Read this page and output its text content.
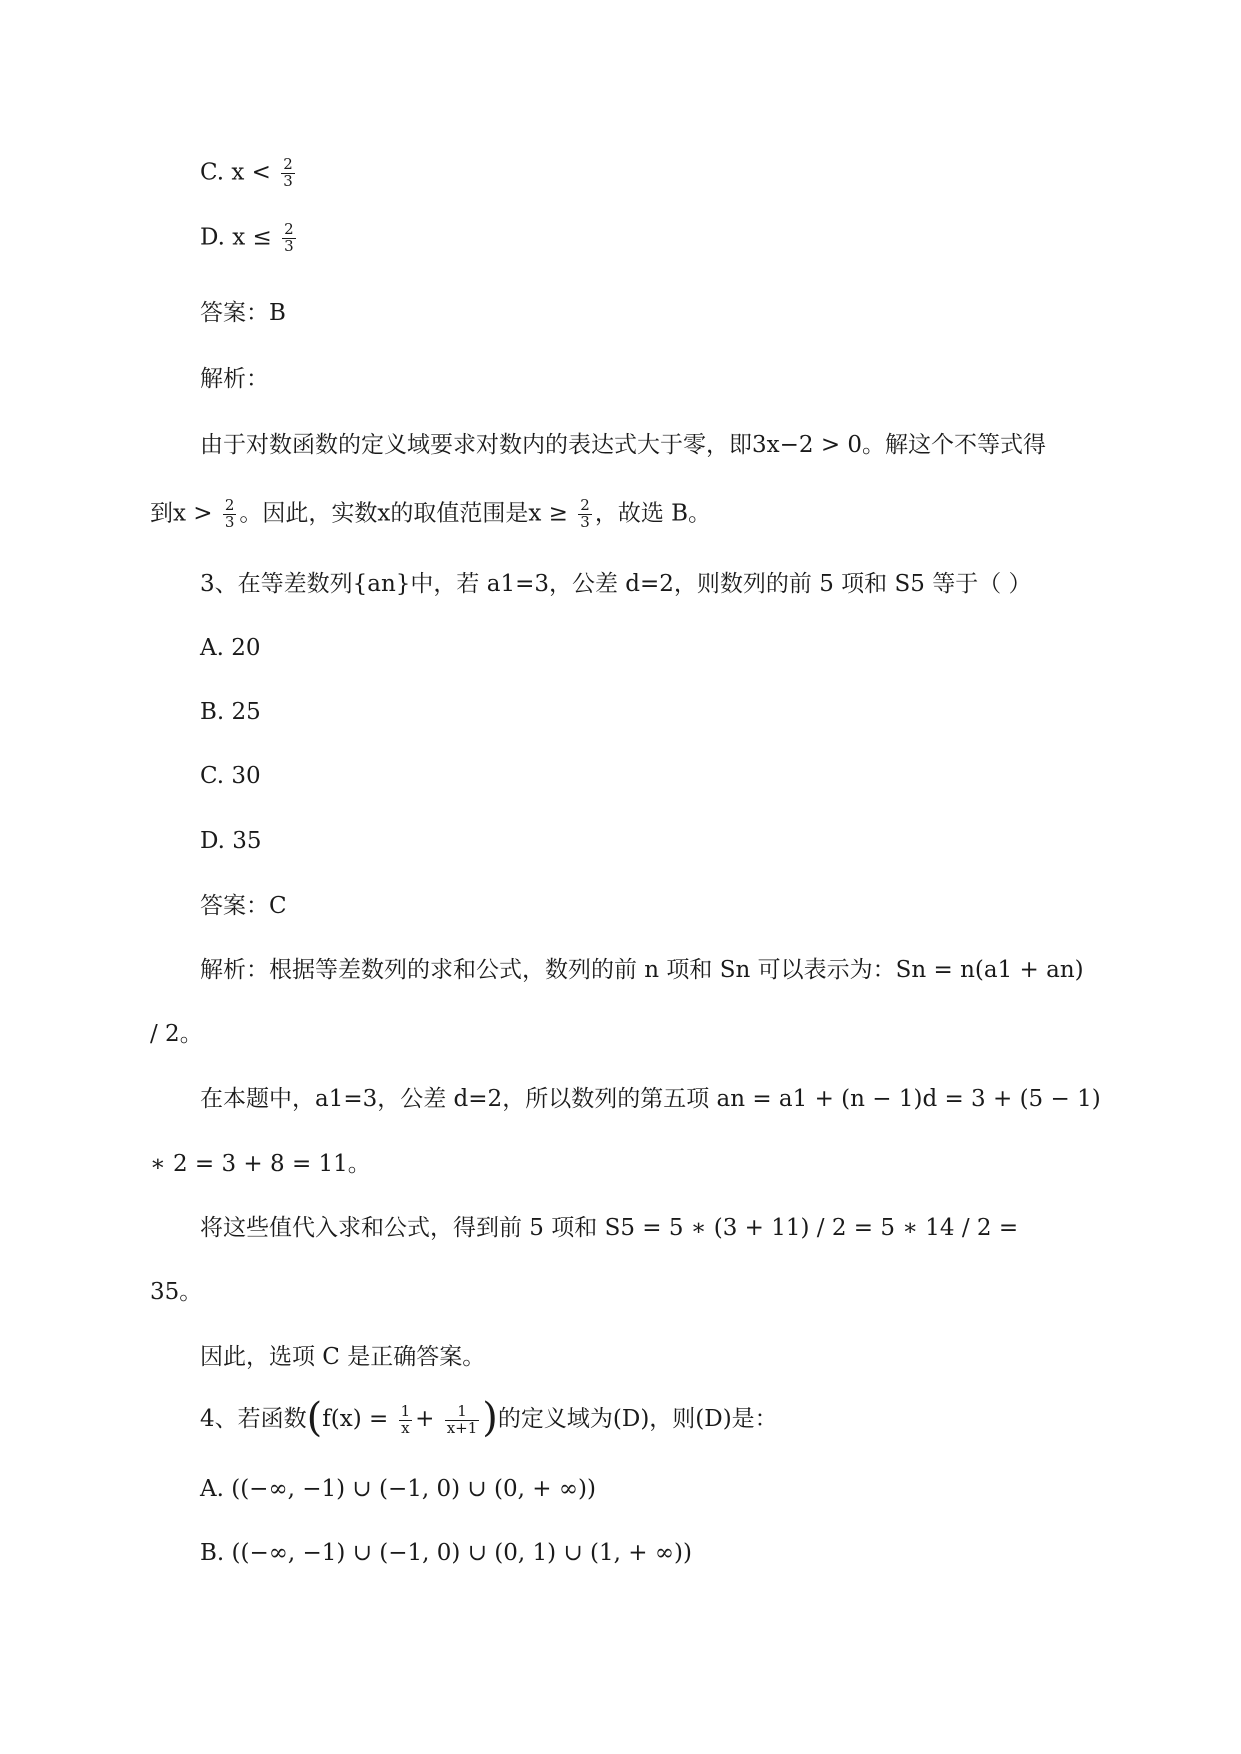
C. $x < \frac{2}{3}$
D. $x \le \frac{2}{3}$
答案：B
解析：
由于对数函数的定义域要求对数内的表达式大于零，即3x−2 > 0。解这个不等式得
到$x > \frac{2}{3}$ 。因此，实数x的取值范围是$x \ge \frac{2}{3}$ ，故选 B。
3、在等差数列{an}中，若 a1=3，公差 d=2，则数列的前 5 项和 S5 等于（ ）
A. 20
B. 25
C. 30
D. 35
答案：C
解析：根据等差数列的求和公式，数列的前 n 项和 Sn 可以表示为：Sn = n(a1 + an)
/ 2。
在本题中，a1=3，公差 d=2，所以数列的第五项 an = a1 + (n − 1)d = 3 + (5 − 1)
∗ 2 = 3 + 8 = 11。
将这些值代入求和公式，得到前 5 项和 S5 = 5 ∗ (3 + 11) / 2 = 5 ∗ 14 / 2 =
35。
因此，选项 C 是正确答案。
4、若函数($f(x) = \frac{1}{x} + \frac{1}{x+1}$ )的定义域为(D)，则(D)是：
A. ((−∞, −1) ∪ (−1, 0) ∪ (0, + ∞))
B. ((−∞, −1) ∪ (−1, 0) ∪ (0, 1) ∪ (1, + ∞))
